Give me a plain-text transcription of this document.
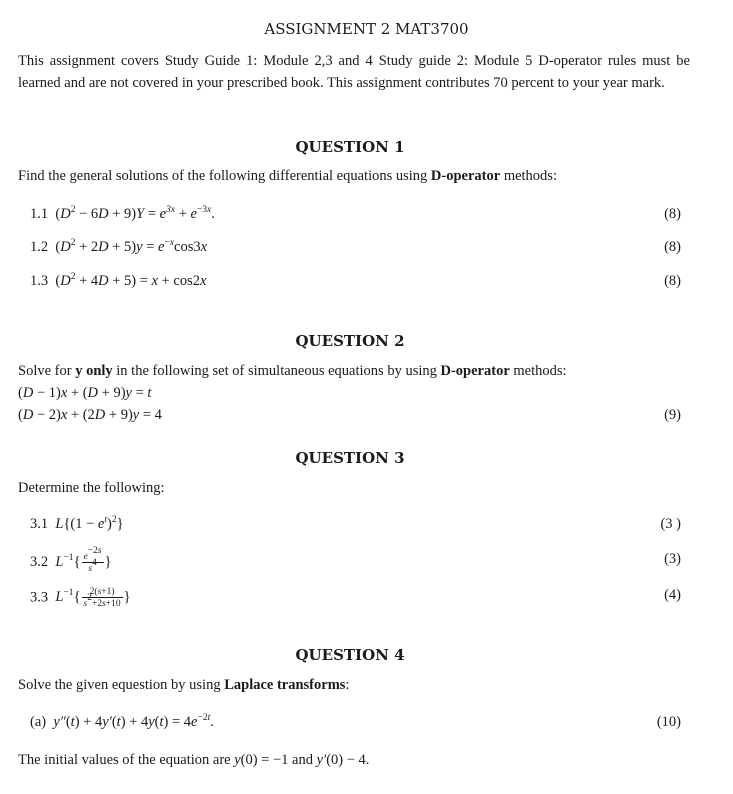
ASSIGNMENT 2 MAT3700
This assignment covers Study Guide 1: Module 2,3 and 4 Study guide 2: Module 5 D-operator rules must be learned and are not covered in your prescribed book. This assignment contributes 70 percent to your year mark.
QUESTION 1
Find the general solutions of the following differential equations using D-operator methods:
1.1 $(D^2 - 6D + 9)Y = e^{3x} + e^{-3x}$.	(8)
1.2 $(D^2 + 2D + 5)y = e^{-x}\cos 3x$	(8)
1.3 $(D^2 + 4D + 5) = x + \cos 2x$	(8)
QUESTION 2
Solve for y only in the following set of simultaneous equations by using D-operator methods:
(D − 1)x + (D + 9)y = t
(D − 2)x + (2D + 9)y = 4	(9)
QUESTION 3
Determine the following:
3.1 $L\{(1 - e^t)^2\}$	(3 )
3.2 $L^{-1}\{ \frac{e^{-2s}}{s^4}$ }	(3)
3.3 $L^{-1}\{ \frac{2(s+1)}{s^2+2s+10}$ }	(4)
QUESTION 4
Solve the given equestion by using Laplace transforms:
(a) $y''(t) + 4y'(t) + 4y(t) = 4e^{-2t}$.	(10)
The initial values of the equation are y(0) = −1 and y′(0) − 4.
